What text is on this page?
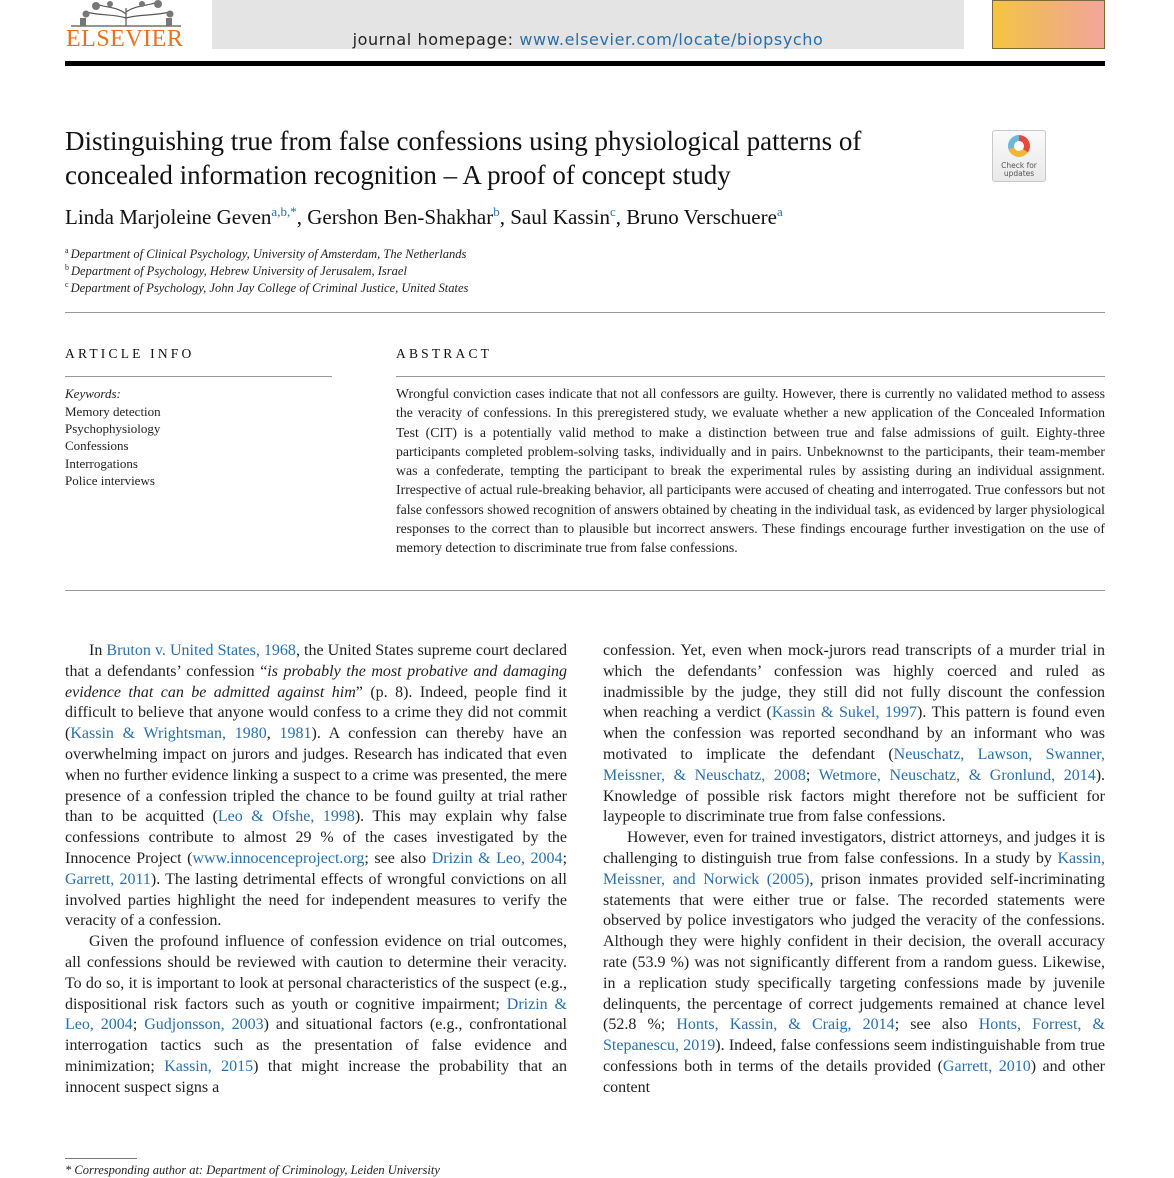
ELSEVIER	journal homepage: www.elsevier.com/locate/biopsycho
Distinguishing true from false confessions using physiological patterns of concealed information recognition – A proof of concept study	Check for
updates
Linda Marjoleine Geven$^{a,b,*}$, Gershon Ben-Shakhar$^b$, Saul Kassin$^c$, Bruno Verschuere$^a$
$^a$ Department of Clinical Psychology, University of Amsterdam, The Netherlands
$^b$ Department of Psychology, Hebrew University of Jerusalem, Israel
$^c$ Department of Psychology, John Jay College of Criminal Justice, United States
ARTICLE INFO	ABSTRACT
Keywords:
Memory detection
Psychophysiology
Confessions
Interrogations
Police interviews

Wrongful conviction cases indicate that not all confessors are guilty. However, there is currently no validated method to assess the veracity of confessions. In this preregistered study, we evaluate whether a new application of the Concealed Information Test (CIT) is a potentially valid method to make a distinction between true and false admissions of guilt. Eighty-three participants completed problem-solving tasks, individually and in pairs. Unbeknownst to the participants, their team-member was a confederate, tempting the participant to break the experimental rules by assisting during an individual assignment. Irrespective of actual rule-breaking behavior, all participants were accused of cheating and interrogated. True confessors but not false confessors showed recognition of answers obtained by cheating in the individual task, as evidenced by larger physiological responses to the correct than to plausible but incorrect answers. These findings encourage further investigation on the use of memory detection to discriminate true from false confessions.

In Bruton v. United States, 1968, the United States supreme court declared that a defendants’ confession “is probably the most probative and damaging evidence that can be admitted against him” (p. 8). Indeed, people find it difficult to believe that anyone would confess to a crime they did not commit (Kassin & Wrightsman, 1980, 1981). A confession can thereby have an overwhelming impact on jurors and judges. Research has indicated that even when no further evidence linking a suspect to a crime was presented, the mere presence of a confession tripled the chance to be found guilty at trial rather than to be acquitted (Leo & Ofshe, 1998). This may explain why false confessions contribute to almost 29 % of the cases investigated by the Innocence Project (www.innocenceproject.org; see also Drizin & Leo, 2004; Garrett, 2011). The lasting detrimental effects of wrongful convictions on all involved parties highlight the need for independent measures to verify the veracity of a confession.

Given the profound influence of confession evidence on trial outcomes, all confessions should be reviewed with caution to determine their veracity. To do so, it is important to look at personal characteristics of the suspect (e.g., dispositional risk factors such as youth or cognitive impairment; Drizin & Leo, 2004; Gudjonsson, 2003) and situational factors (e.g., confrontational interrogation tactics such as the presentation of false evidence and minimization; Kassin, 2015) that might increase the probability that an innocent suspect signs a

confession. Yet, even when mock-jurors read transcripts of a murder trial in which the defendants’ confession was highly coerced and ruled as inadmissible by the judge, they still did not fully discount the confession when reaching a verdict (Kassin & Sukel, 1997). This pattern is found even when the confession was reported secondhand by an informant who was motivated to implicate the defendant (Neuschatz, Lawson, Swanner, Meissner, & Neuschatz, 2008; Wetmore, Neuschatz, & Gronlund, 2014). Knowledge of possible risk factors might therefore not be sufficient for laypeople to discriminate true from false confessions.

However, even for trained investigators, district attorneys, and judges it is challenging to distinguish true from false confessions. In a study by Kassin, Meissner, and Norwick (2005), prison inmates provided self-incriminating statements that were either true or false. The recorded statements were observed by police investigators who judged the veracity of the confessions. Although they were highly confident in their decision, the overall accuracy rate (53.9 %) was not significantly different from a random guess. Likewise, in a replication study specifically targeting confessions made by juvenile delinquents, the percentage of correct judgements remained at chance level (52.8 %; Honts, Kassin, & Craig, 2014; see also Honts, Forrest, & Stepanescu, 2019). Indeed, false confessions seem indistinguishable from true confessions both in terms of the details provided (Garrett, 2010) and other content

* Corresponding author at: Department of Criminology, Leiden University
